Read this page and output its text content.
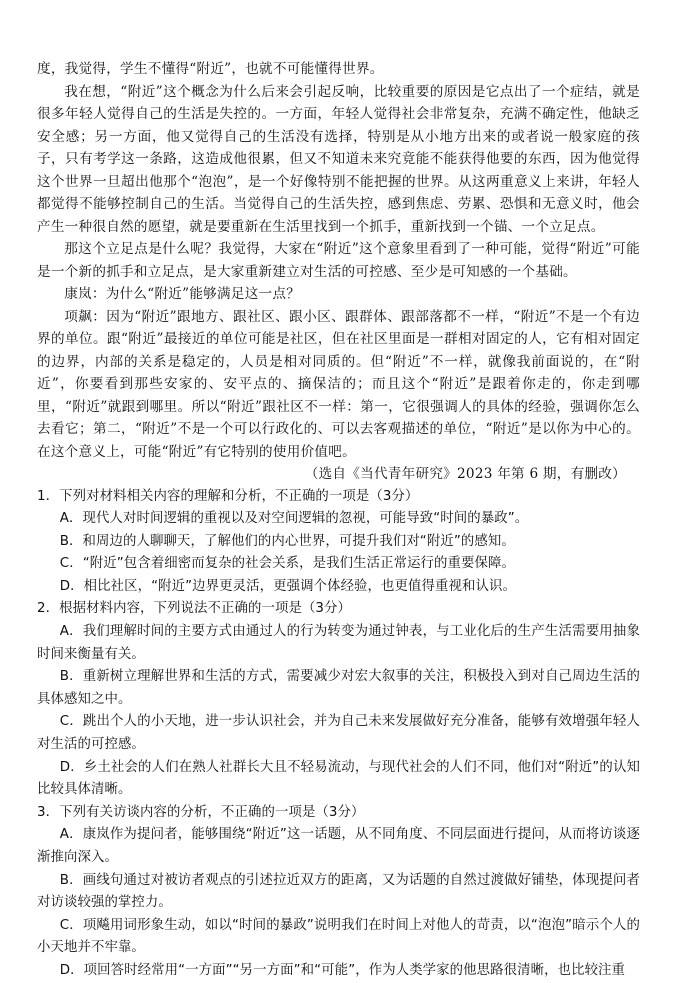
度，我觉得，学生不懂得“附近”，也就不可能懂得世界。

我在想，“附近”这个概念为什么后来会引起反响，比较重要的原因是它点出了一个症结，就是很多年轻人觉得自己的生活是失控的。一方面，年轻人觉得社会非常复杂，充满不确定性，他缺乏安全感；另一方面，他又觉得自己的生活没有选择，特别是从小地方出来的或者说一般家庭的孩子，只有考学这一条路，这造成他很累，但又不知道未来究竟能不能获得他要的东西，因为他觉得这个世界一旦超出他那个“泡泡”，是一个好像特别不能把握的世界。从这两重意义上来讲，年轻人都觉得不能够控制自己的生活。当觉得自己的生活失控，感到焦虑、劳累、恐惧和无意义时，他会产生一种很自然的愿望，就是要重新在生活里找到一个抓手，重新找到一个锚、一个立足点。

那这个立足点是什么呢？我觉得，大家在“附近”这个意象里看到了一种可能，觉得“附近”可能是一个新的抓手和立足点，是大家重新建立对生活的可控感、至少是可知感的一个基础。

康岚：为什么“附近”能够满足这一点？

项飙：因为“附近”跟地方、跟社区、跟小区、跟群体、跟部落都不一样，“附近”不是一个有边界的单位。跟“附近”最接近的单位可能是社区，但在社区里面是一群相对固定的人，它有相对固定的边界，内部的关系是稳定的，人员是相对同质的。但“附近”不一样，就像我前面说的，在“附近”，你要看到那些安家的、安平点的、摘保洁的；而且这个“附近”是跟着你走的，你走到哪里，“附近”就跟到哪里。所以“附近”跟社区不一样：第一，它很强调人的具体的经验，强调你怎么去看它；第二，“附近”不是一个可以行政化的、可以去客观描述的单位，“附近”是以你为中心的。在这个意义上，可能“附近”有它特别的使用价值吧。

（选自《当代青年研究》2023 年第 6 期，有删改）

1．下列对材料相关内容的理解和分析，不正确的一项是（3分）

A．现代人对时间逻辑的重视以及对空间逻辑的忽视，可能导致“时间的暴政”。

B．和周边的人聊聊天，了解他们的内心世界，可提升我们对“附近”的感知。

C．“附近”包含着细密而复杂的社会关系，是我们生活正常运行的重要保障。

D．相比社区，“附近”边界更灵活，更强调个体经验，也更值得重视和认识。

2．根据材料内容，下列说法不正确的一项是（3分）

A．我们理解时间的主要方式由通过人的行为转变为通过钟表，与工业化后的生产生活需要用抽象时间来衡量有关。

B．重新树立理解世界和生活的方式，需要减少对宏大叙事的关注，积极投入到对自己周边生活的具体感知之中。

C．跳出个人的小天地，进一步认识社会，并为自己未来发展做好充分准备，能够有效增强年轻人对生活的可控感。

D．乡土社会的人们在熟人社群长大且不轻易流动，与现代社会的人们不同，他们对“附近”的认知比较具体清晰。

3．下列有关访谈内容的分析，不正确的一项是（3分）

A．康岚作为提问者，能够围绕“附近”这一话题，从不同角度、不同层面进行提问，从而将访谈逐渐推向深入。

B．画线句通过对被访者观点的引述拉近双方的距离，又为话题的自然过渡做好铺垫，体现提问者对访谈较强的掌控力。

C．项飚用词形象生动，如以“时间的暴政”说明我们在时间上对他人的苛责，以“泡泡”暗示个人的小天地并不牢靠。

D．项回答时经常用“一方面”“另一方面”和“可能”，作为人类学家的他思路很清晰，也比较注重
